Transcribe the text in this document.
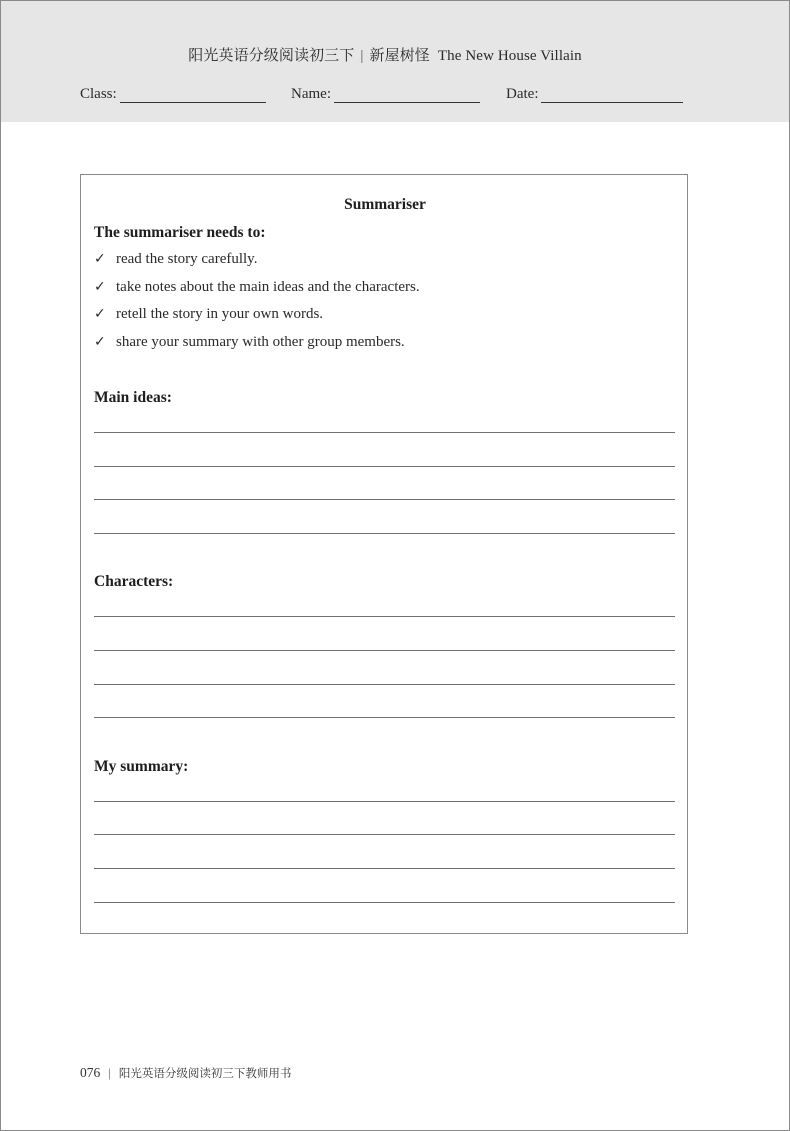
阳光英语分级阅读初三下 | 新屋树怪 The New House Villain
Class:	Name:	Date:
Summariser
The summariser needs to:
✓ read the story carefully.
✓ take notes about the main ideas and the characters.
✓ retell the story in your own words.
✓ share your summary with other group members.
Main ideas:
Characters:
My summary:
076 | 阳光英语分级阅读初三下教师用书
